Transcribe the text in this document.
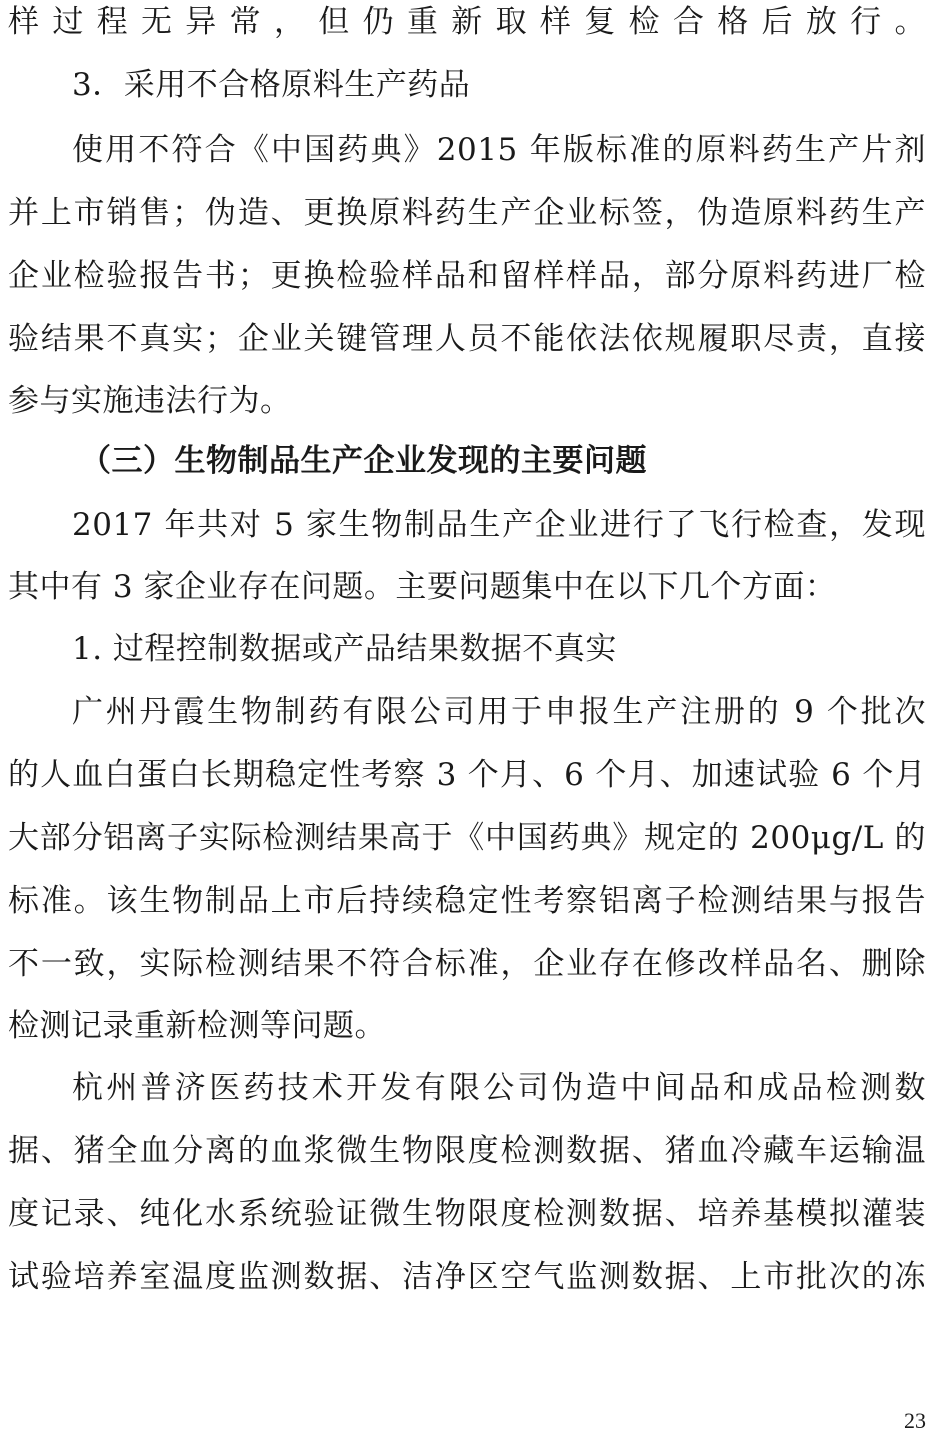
样过程无异常，但仍重新取样复检合格后放行。
3．采用不合格原料生产药品
使用不符合《中国药典》2015 年版标准的原料药生产片剂
并上市销售；伪造、更换原料药生产企业标签，伪造原料药生产
企业检验报告书；更换检验样品和留样样品，部分原料药进厂检
验结果不真实；企业关键管理人员不能依法依规履职尽责，直接
参与实施违法行为。
（三）生物制品生产企业发现的主要问题
2017 年共对 5 家生物制品生产企业进行了飞行检查，发现
其中有 3 家企业存在问题。主要问题集中在以下几个方面：
1. 过程控制数据或产品结果数据不真实
广州丹霞生物制药有限公司用于申报生产注册的 9 个批次
的人血白蛋白长期稳定性考察 3 个月、6 个月、加速试验 6 个月
大部分铝离子实际检测结果高于《中国药典》规定的 200μg/L 的
标准。该生物制品上市后持续稳定性考察铝离子检测结果与报告
不一致，实际检测结果不符合标准，企业存在修改样品名、删除
检测记录重新检测等问题。
杭州普济医药技术开发有限公司伪造中间品和成品检测数
据、猪全血分离的血浆微生物限度检测数据、猪血冷藏车运输温
度记录、纯化水系统验证微生物限度检测数据、培养基模拟灌装
试验培养室温度监测数据、洁净区空气监测数据、上市批次的冻
23
